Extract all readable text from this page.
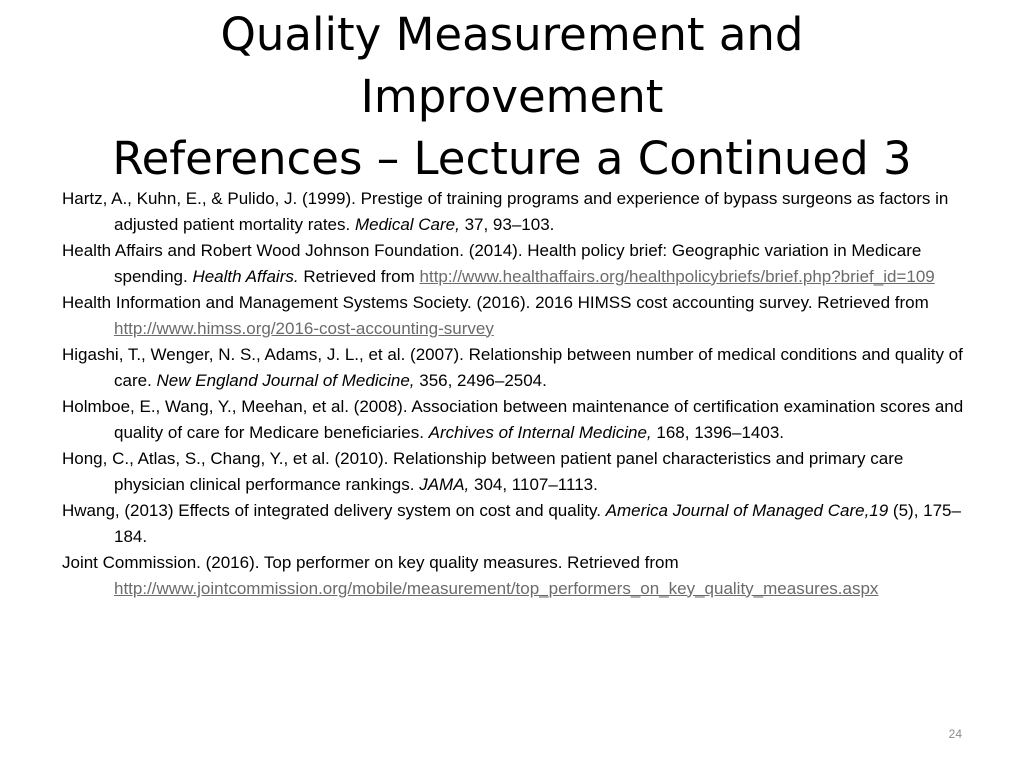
Quality Measurement and
Improvement
References – Lecture a Continued 3
Hartz, A., Kuhn, E., & Pulido, J. (1999). Prestige of training programs and experience of bypass surgeons as factors in adjusted patient mortality rates. Medical Care, 37, 93–103.
Health Affairs and Robert Wood Johnson Foundation. (2014). Health policy brief: Geographic variation in Medicare spending. Health Affairs. Retrieved from http://www.healthaffairs.org/healthpolicybriefs/brief.php?brief_id=109
Health Information and Management Systems Society. (2016). 2016 HIMSS cost accounting survey. Retrieved from http://www.himss.org/2016-cost-accounting-survey
Higashi, T., Wenger, N. S., Adams, J. L., et al. (2007). Relationship between number of medical conditions and quality of care. New England Journal of Medicine, 356, 2496–2504.
Holmboe, E., Wang, Y., Meehan, et al. (2008). Association between maintenance of certification examination scores and quality of care for Medicare beneficiaries. Archives of Internal Medicine, 168, 1396–1403.
Hong, C., Atlas, S., Chang, Y., et al. (2010). Relationship between patient panel characteristics and primary care physician clinical performance rankings. JAMA, 304, 1107–1113.
Hwang, (2013) Effects of integrated delivery system on cost and quality. America Journal of Managed Care,19 (5), 175–184.
Joint Commission. (2016). Top performer on key quality measures. Retrieved from http://www.jointcommission.org/mobile/measurement/top_performers_on_key_quality_measures.aspx
24
